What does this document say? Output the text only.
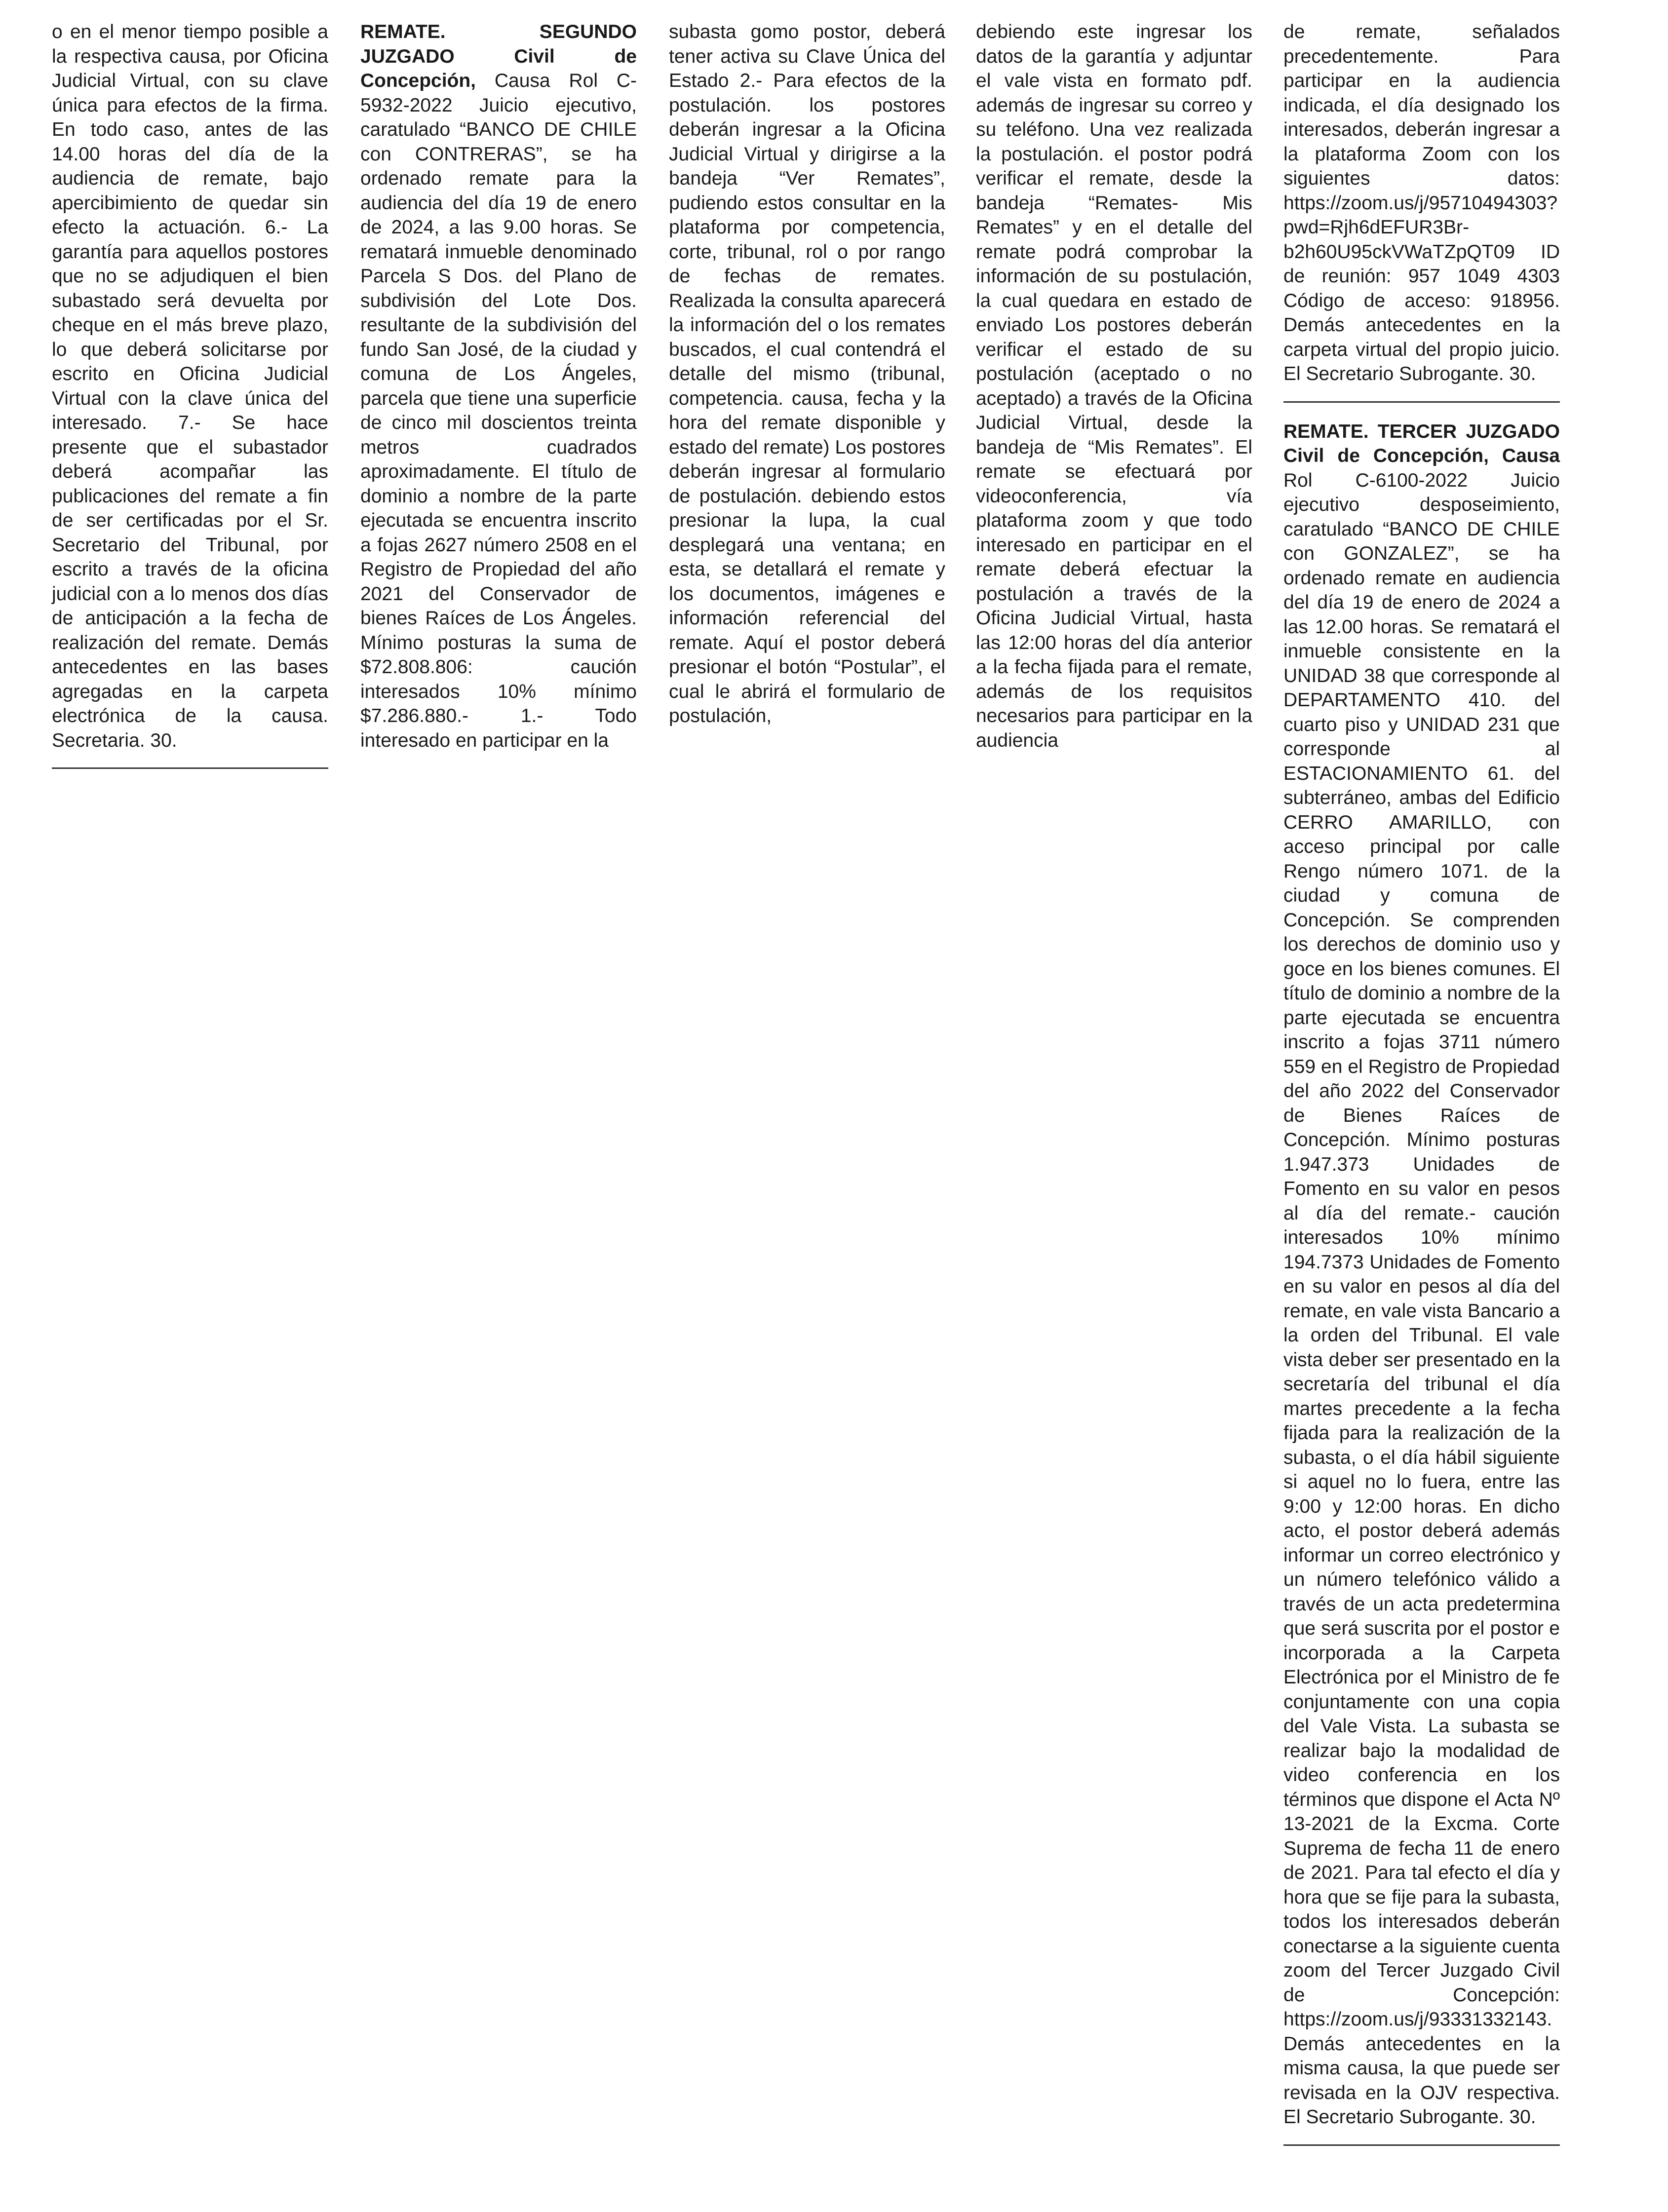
o en el menor tiempo posible a la respectiva causa, por Oficina Judicial Virtual, con su clave única para efectos de la firma. En todo caso, antes de las 14.00 horas del día de la audiencia de remate, bajo apercibimiento de quedar sin efecto la actuación. 6.- La garantía para aquellos postores que no se adjudiquen el bien subastado será devuelta por cheque en el más breve plazo, lo que deberá solicitarse por escrito en Oficina Judicial Virtual con la clave única del interesado. 7.- Se hace presente que el subastador deberá acompañar las publicaciones del remate a fin de ser certificadas por el Sr. Secretario del Tribunal, por escrito a través de la oficina judicial con a lo menos dos días de anticipación a la fecha de realización del remate. Demás antecedentes en las bases agregadas en la carpeta electrónica de la causa. Secretaria. 30.

REMATE. SEGUNDO JUZGADO Civil de Concepción, Causa Rol C-5932-2022 Juicio ejecutivo, caratulado “BANCO DE CHILE con CONTRERAS”, se ha ordenado remate para la audiencia del día 19 de enero de 2024, a las 9.00 horas. Se rematará inmueble denominado Parcela S Dos. del Plano de subdivisión del Lote Dos. resultante de la subdivisión del fundo San José, de la ciudad y comuna de Los Ángeles, parcela que tiene una superficie de cinco mil doscientos treinta metros cuadrados aproximadamente. El título de dominio a nombre de la parte ejecutada se encuentra inscrito a fojas 2627 número 2508 en el Registro de Propiedad del año 2021 del Conservador de bienes Raíces de Los Ángeles. Mínimo posturas la suma de $72.808.806: caución interesados 10% mínimo $7.286.880.- 1.- Todo interesado en participar en la

subasta gomo postor, deberá tener activa su Clave Única del Estado 2.- Para efectos de la postulación. los postores deberán ingresar a la Oficina Judicial Virtual y dirigirse a la bandeja “Ver Remates”, pudiendo estos consultar en la plataforma por competencia, corte, tribunal, rol o por rango de fechas de remates. Realizada la consulta aparecerá la información del o los remates buscados, el cual contendrá el detalle del mismo (tribunal, competencia. causa, fecha y la hora del remate disponible y estado del remate) Los postores deberán ingresar al formulario de postulación. debiendo estos presionar la lupa, la cual desplegará una ventana; en esta, se detallará el remate y los documentos, imágenes e información referencial del remate. Aquí el postor deberá presionar el botón “Postular”, el cual le abrirá el formulario de postulación,

debiendo este ingresar los datos de la garantía y adjuntar el vale vista en formato pdf. además de ingresar su correo y su teléfono. Una vez realizada la postulación. el postor podrá verificar el remate, desde la bandeja “Remates- Mis Remates” y en el detalle del remate podrá comprobar la información de su postulación, la cual quedara en estado de enviado Los postores deberán verificar el estado de su postulación (aceptado o no aceptado) a través de la Oficina Judicial Virtual, desde la bandeja de “Mis Remates”. El remate se efectuará por videoconferencia, vía plataforma zoom y que todo interesado en participar en el remate deberá efectuar la postulación a través de la Oficina Judicial Virtual, hasta las 12:00 horas del día anterior a la fecha fijada para el remate, además de los requisitos necesarios para participar en la audiencia

de remate, señalados precedentemente. Para participar en la audiencia indicada, el día designado los interesados, deberán ingresar a la plataforma Zoom con los siguientes datos: https://zoom.us/j/95710494303?pwd=Rjh6dEFUR3Br-b2h60U95ckVWaTZpQT09 ID de reunión: 957 1049 4303 Código de acceso: 918956. Demás antecedentes en la carpeta virtual del propio juicio. El Secretario Subrogante. 30.

REMATE. TERCER JUZGADO Civil de Concepción, Causa Rol C-6100-2022 Juicio ejecutivo desposeimiento, caratulado “BANCO DE CHILE con GONZALEZ”, se ha ordenado remate en audiencia del día 19 de enero de 2024 a las 12.00 horas. Se rematará el inmueble consistente en la UNIDAD 38 que corresponde al DEPARTAMENTO 410. del cuarto piso y UNIDAD 231 que corresponde al ESTACIONAMIENTO 61. del subterráneo, ambas del Edificio CERRO AMARILLO, con acceso principal por calle Rengo número 1071. de la ciudad y comuna de Concepción. Se comprenden los derechos de dominio uso y goce en los bienes comunes. El título de dominio a nombre de la parte ejecutada se encuentra inscrito a fojas 3711 número 559 en el Registro de Propiedad del año 2022 del Conservador de Bienes Raíces de Concepción. Mínimo posturas 1.947.373 Unidades de Fomento en su valor en pesos al día del remate.- caución interesados 10% mínimo 194.7373 Unidades de Fomento en su valor en pesos al día del remate, en vale vista Bancario a la orden del Tribunal. El vale vista deber ser presentado en la secretaría del tribunal el día martes precedente a la fecha fijada para la realización de la subasta, o el día hábil siguiente si aquel no lo fuera, entre las 9:00 y 12:00 horas. En dicho acto, el postor deberá además informar un correo electrónico y un número telefónico válido a través de un acta predetermina que será suscrita por el postor e incorporada a la Carpeta Electrónica por el Ministro de fe conjuntamente con una copia del Vale Vista. La subasta se realizar bajo la modalidad de video conferencia en los términos que dispone el Acta Nº 13-2021 de la Excma. Corte Suprema de fecha 11 de enero de 2021. Para tal efecto el día y hora que se fije para la subasta, todos los interesados deberán conectarse a la siguiente cuenta zoom del Tercer Juzgado Civil de Concepción: https://zoom.us/j/93331332143. Demás antecedentes en la misma causa, la que puede ser revisada en la OJV respectiva. El Secretario Subrogante. 30.
